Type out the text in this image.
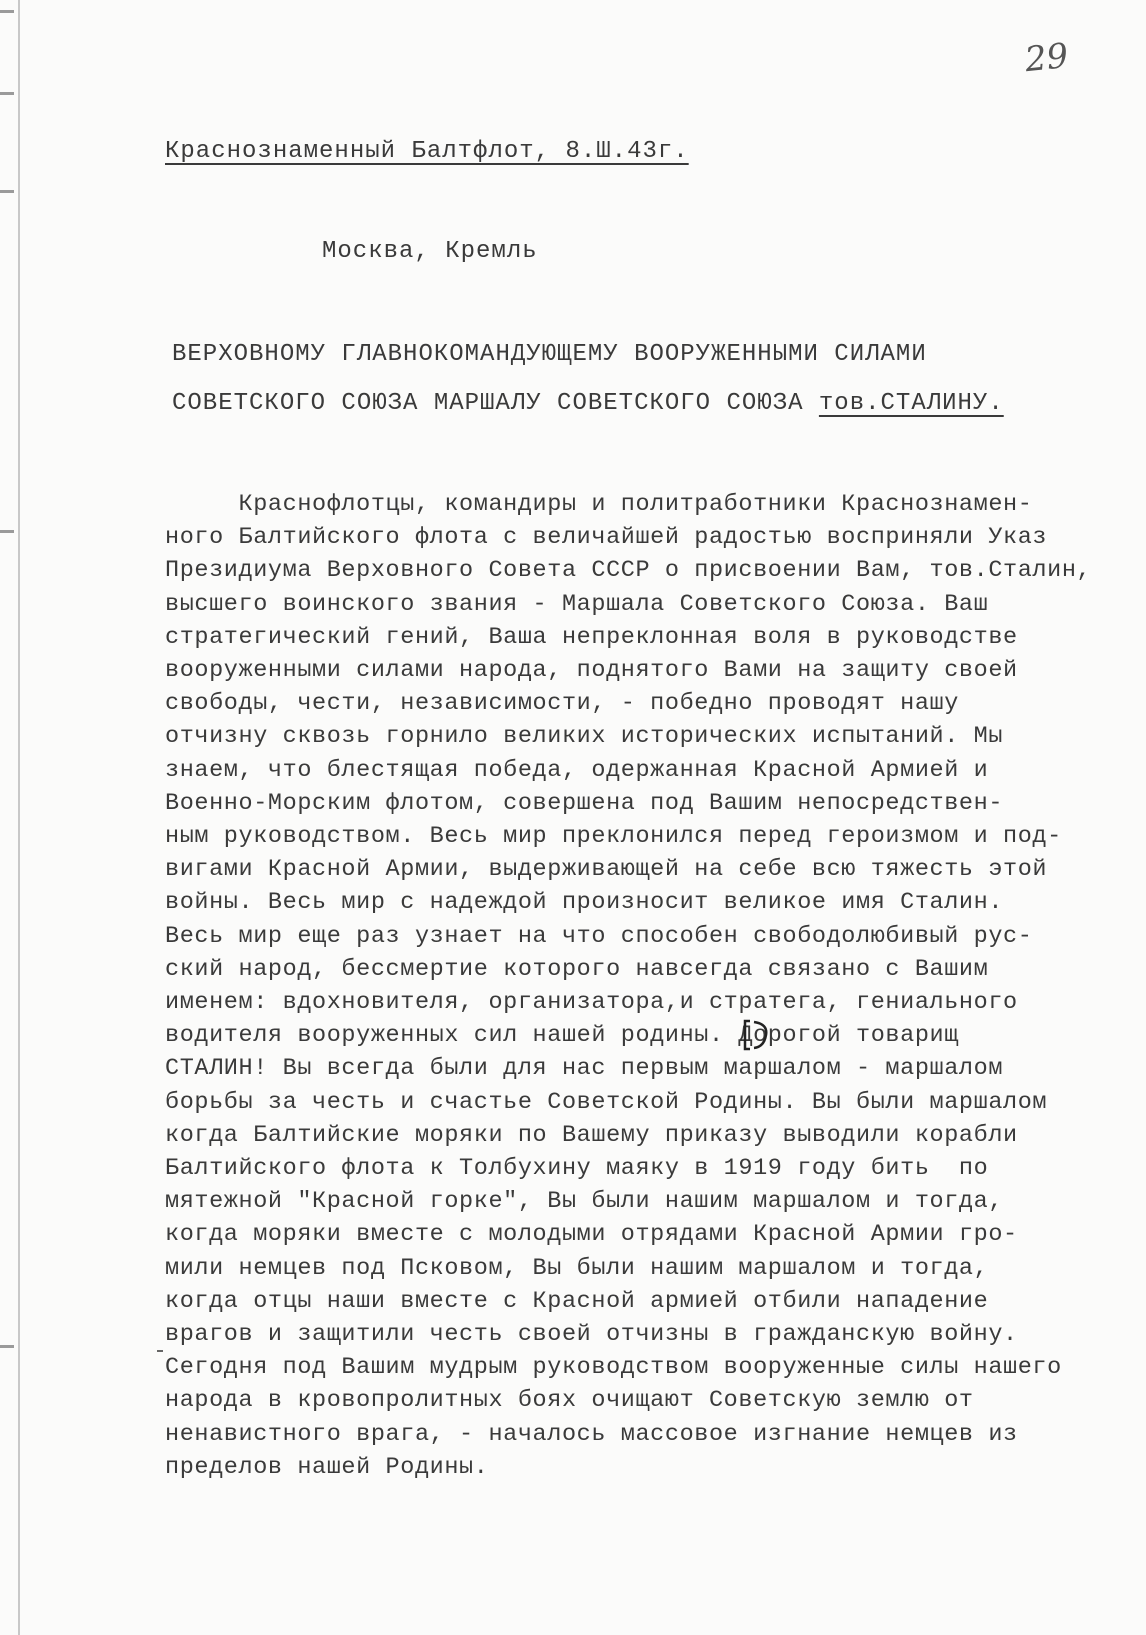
29
Краснознаменный Балтфлот, 8.Ш.43г.
Москва, Кремль
ВЕРХОВНОМУ ГЛАВНОКОМАНДУЮЩЕМУ ВООРУЖЕННЫМИ СИЛАМИ
СОВЕТСКОГО СОЮЗА МАРШАЛУ СОВЕТСКОГО СОЮЗА тов.СТАЛИНУ.
Краснофлотцы, командиры и политработники Краснознамен-
ного Балтийского флота с величайшей радостью восприняли Указ
Президиума Верховного Совета СССР о присвоении Вам, тов.Сталин,
высшего воинского звания - Маршала Советского Союза. Ваш
стратегический гений, Ваша непреклонная воля в руководстве
вооруженными силами народа, поднятого Вами на защиту своей
свободы, чести, независимости, - победно проводят нашу
отчизну сквозь горнило великих исторических испытаний. Мы
знаем, что блестящая победа, одержанная Красной Армией и
Военно-Морским флотом, совершена под Вашим непосредствен-
ным руководством. Весь мир преклонился перед героизмом и под-
вигами Красной Армии, выдерживающей на себе всю тяжесть этой
войны. Весь мир с надеждой произносит великое имя Сталин.
Весь мир еще раз узнает на что способен свободолюбивый рус-
ский народ, бессмертие которого навсегда связано с Вашим
именем: вдохновителя, организатора,и стратега, гениального
водителя вооруженных сил нашей родины. Дорогой товарищ
СТАЛИН! Вы всегда были для нас первым маршалом - маршалом
борьбы за честь и счастье Советской Родины. Вы были маршалом
когда Балтийские моряки по Вашему приказу выводили корабли
Балтийского флота к Толбухину маяку в 1919 году бить  по
мятежной "Красной горке", Вы были нашим маршалом и тогда,
когда моряки вместе с молодыми отрядами Красной Армии гро-
мили немцев под Псковом, Вы были нашим маршалом и тогда,
когда отцы наши вместе с Красной армией отбили нападение
врагов и защитили честь своей отчизны в гражданскую войну.
Сегодня под Вашим мудрым руководством вооруженные силы нашего
народа в кровопролитных боях очищают Советскую землю от
ненавистного врага, - началось массовое изгнание немцев из
пределов нашей Родины.
